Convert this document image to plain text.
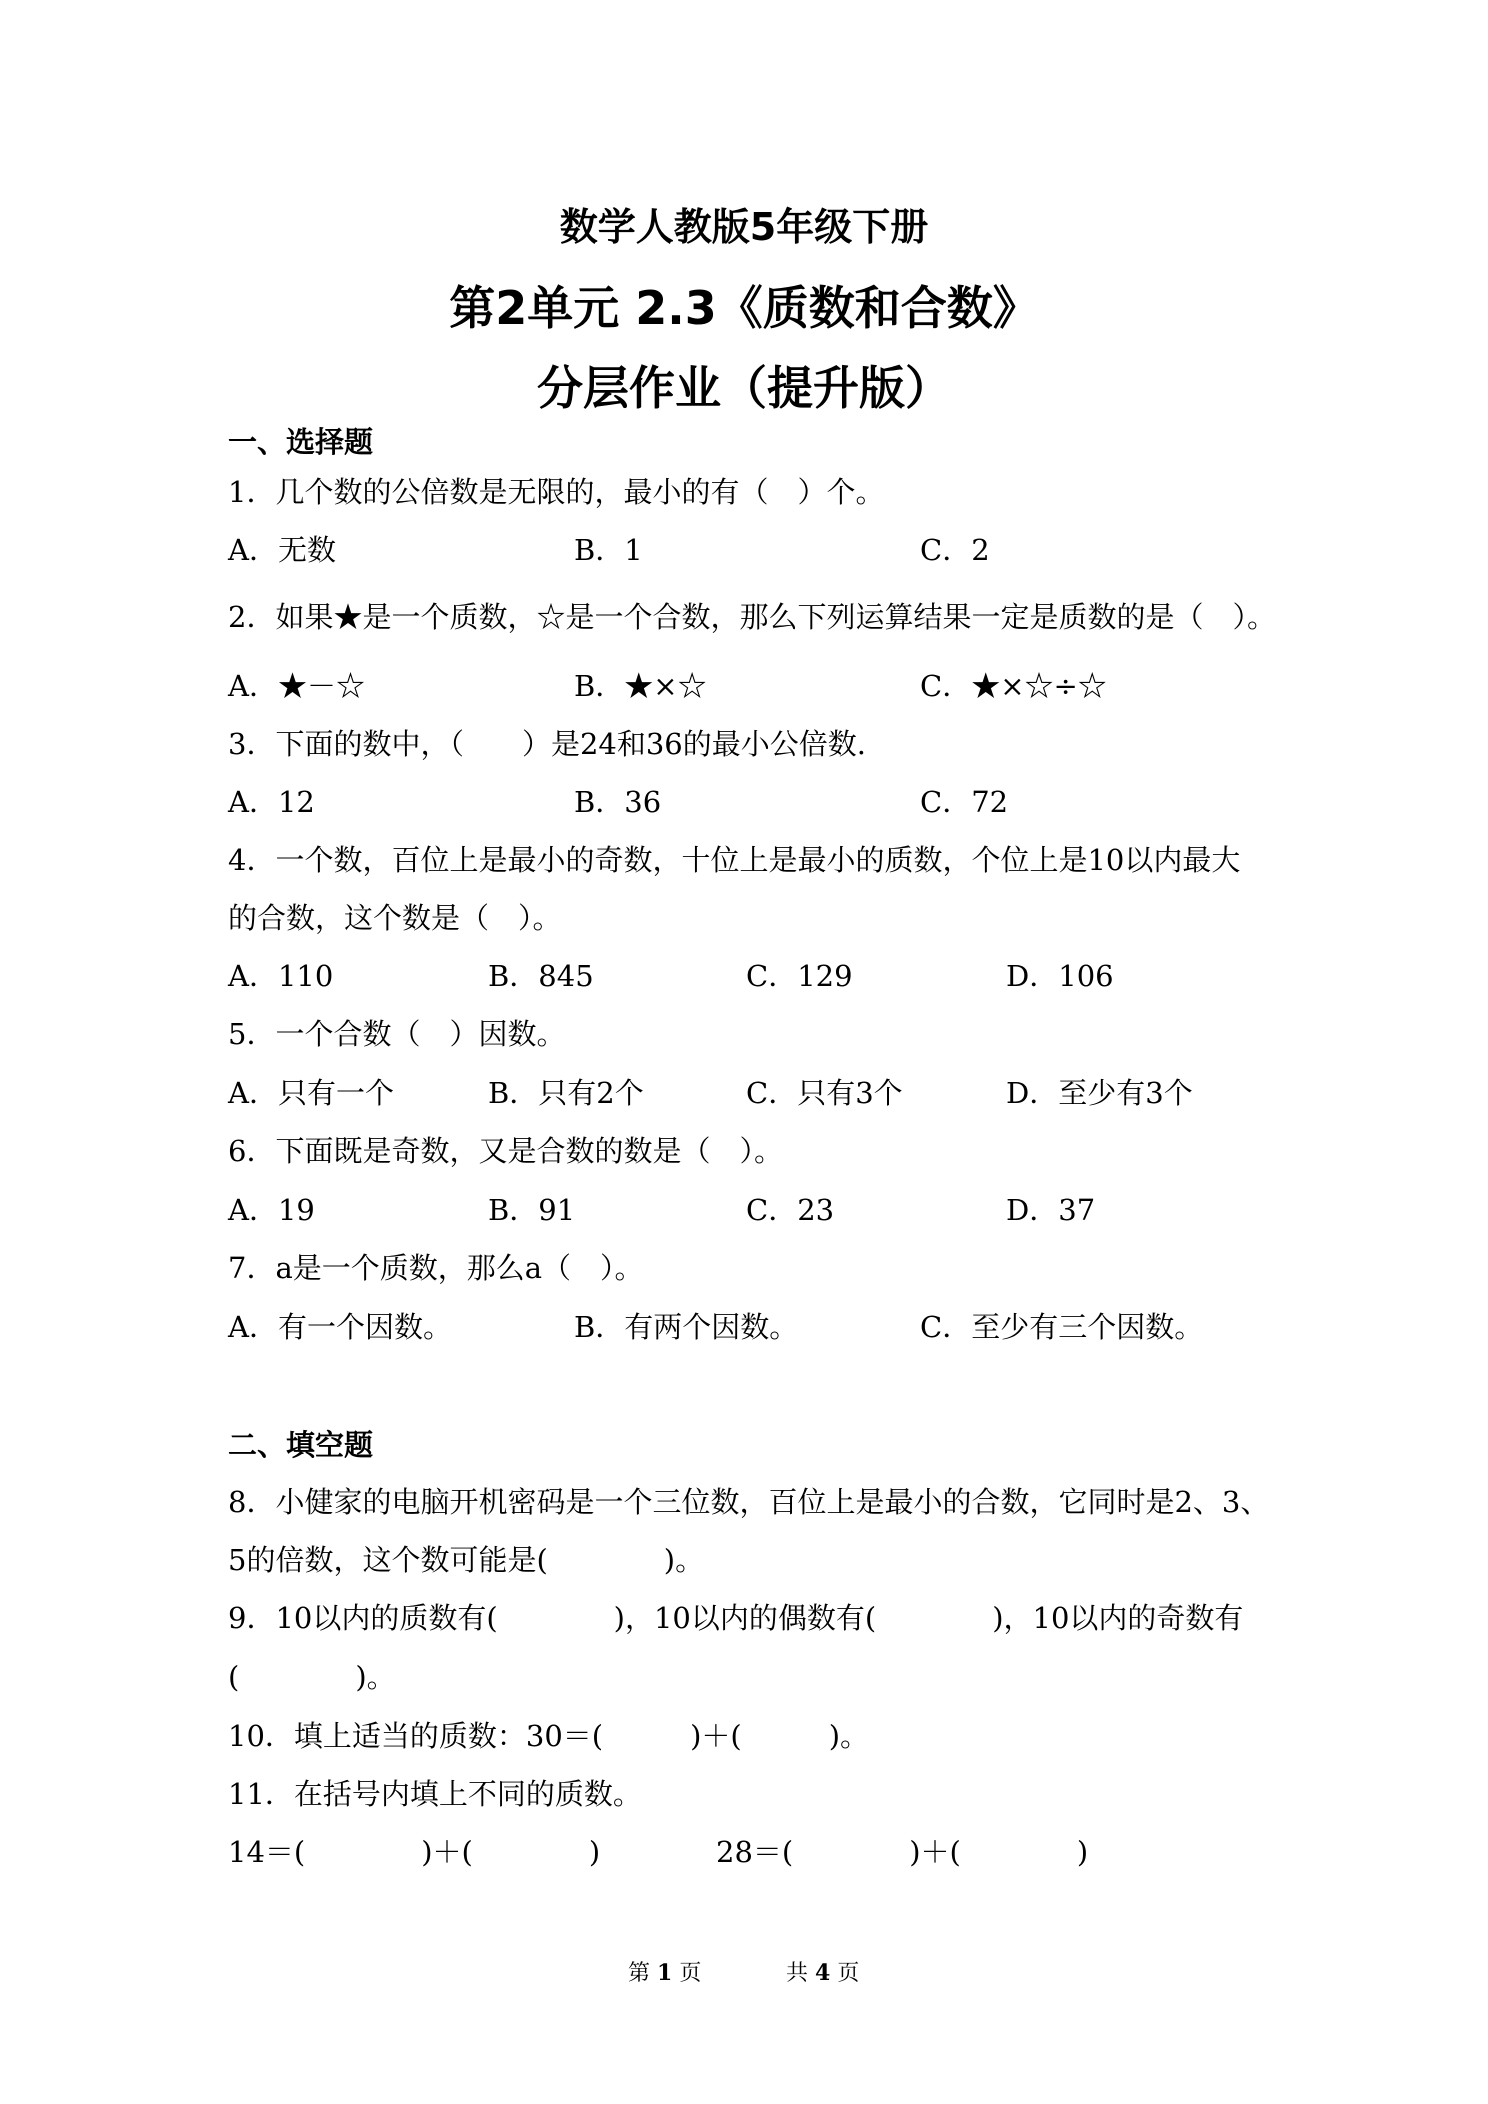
数学人教版5年级下册
第2单元 2.3《质数和合数》
分层作业（提升版）
一、选择题
1．几个数的公倍数是无限的，最小的有（　）个。
A．无数	B．1	C．2
2．如果★是一个质数，☆是一个合数，那么下列运算结果一定是质数的是（　）。
A．★－☆	B．★×☆	C．★×☆÷☆
3．下面的数中，（　　）是24和36的最小公倍数.
A．12	B．36	C．72
4．一个数，百位上是最小的奇数，十位上是最小的质数，个位上是10以内最大
的合数，这个数是（　）。
A．110	B．845	C．129	D．106
5．一个合数（　）因数。
A．只有一个	B．只有2个	C．只有3个	D．至少有3个
6．下面既是奇数，又是合数的数是（　）。
A．19	B．91	C．23	D．37
7．a是一个质数，那么a（　）。
A．有一个因数。	B．有两个因数。	C．至少有三个因数。
二、填空题
8．小健家的电脑开机密码是一个三位数，百位上是最小的合数，它同时是2、3、
5的倍数，这个数可能是(　　　　)。
9．10以内的质数有(　　　　)，10以内的偶数有(　　　　)，10以内的奇数有
(　　　　)。
10．填上适当的质数：30＝(　　　)＋(　　　)。
11．在括号内填上不同的质数。
14＝(　　　　)＋(　　　　)	28＝(　　　　)＋(　　　　)
第 1 页	共 4 页
